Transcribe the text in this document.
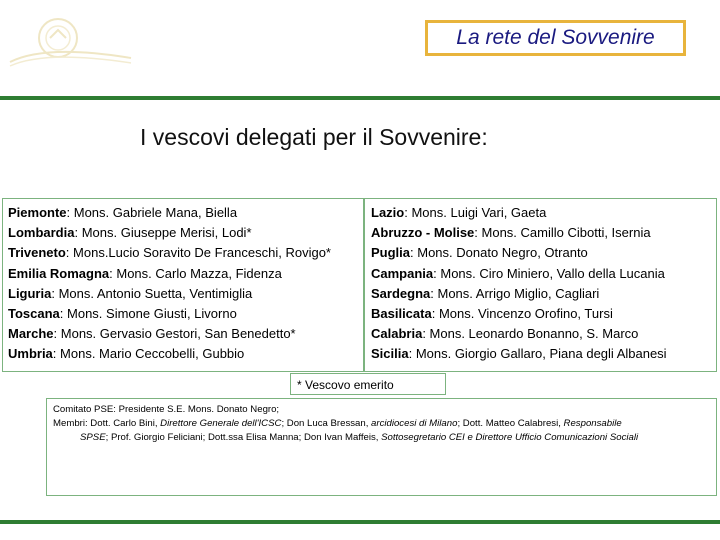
La rete del Sovvenire
I vescovi delegati per il Sovvenire:
Piemonte: Mons. Gabriele Mana, Biella
Lombardia: Mons. Giuseppe Merisi, Lodi*
Triveneto: Mons.Lucio Soravito De Franceschi, Rovigo*
Emilia Romagna: Mons. Carlo Mazza, Fidenza
Liguria: Mons. Antonio Suetta, Ventimiglia
Toscana: Mons. Simone Giusti, Livorno
Marche: Mons. Gervasio Gestori, San Benedetto*
Umbria: Mons. Mario Ceccobelli, Gubbio
Lazio: Mons. Luigi Vari, Gaeta
Abruzzo - Molise: Mons. Camillo Cibotti, Isernia
Puglia: Mons. Donato Negro, Otranto
Campania: Mons. Ciro Miniero, Vallo della Lucania
Sardegna: Mons. Arrigo Miglio, Cagliari
Basilicata: Mons. Vincenzo Orofino, Tursi
Calabria: Mons. Leonardo Bonanno, S. Marco
Sicilia: Mons. Giorgio Gallaro, Piana degli Albanesi
* Vescovo emerito
Comitato PSE: Presidente S.E. Mons. Donato Negro;
Membri: Dott. Carlo Bini, Direttore Generale dell'ICSC; Don Luca Bressan, arcidiocesi di Milano; Dott. Matteo Calabresi, Responsabile
SPSE; Prof. Giorgio Feliciani; Dott.ssa Elisa Manna; Don Ivan Maffeis, Sottosegretario CEI e Direttore Ufficio Comunicazioni Sociali
